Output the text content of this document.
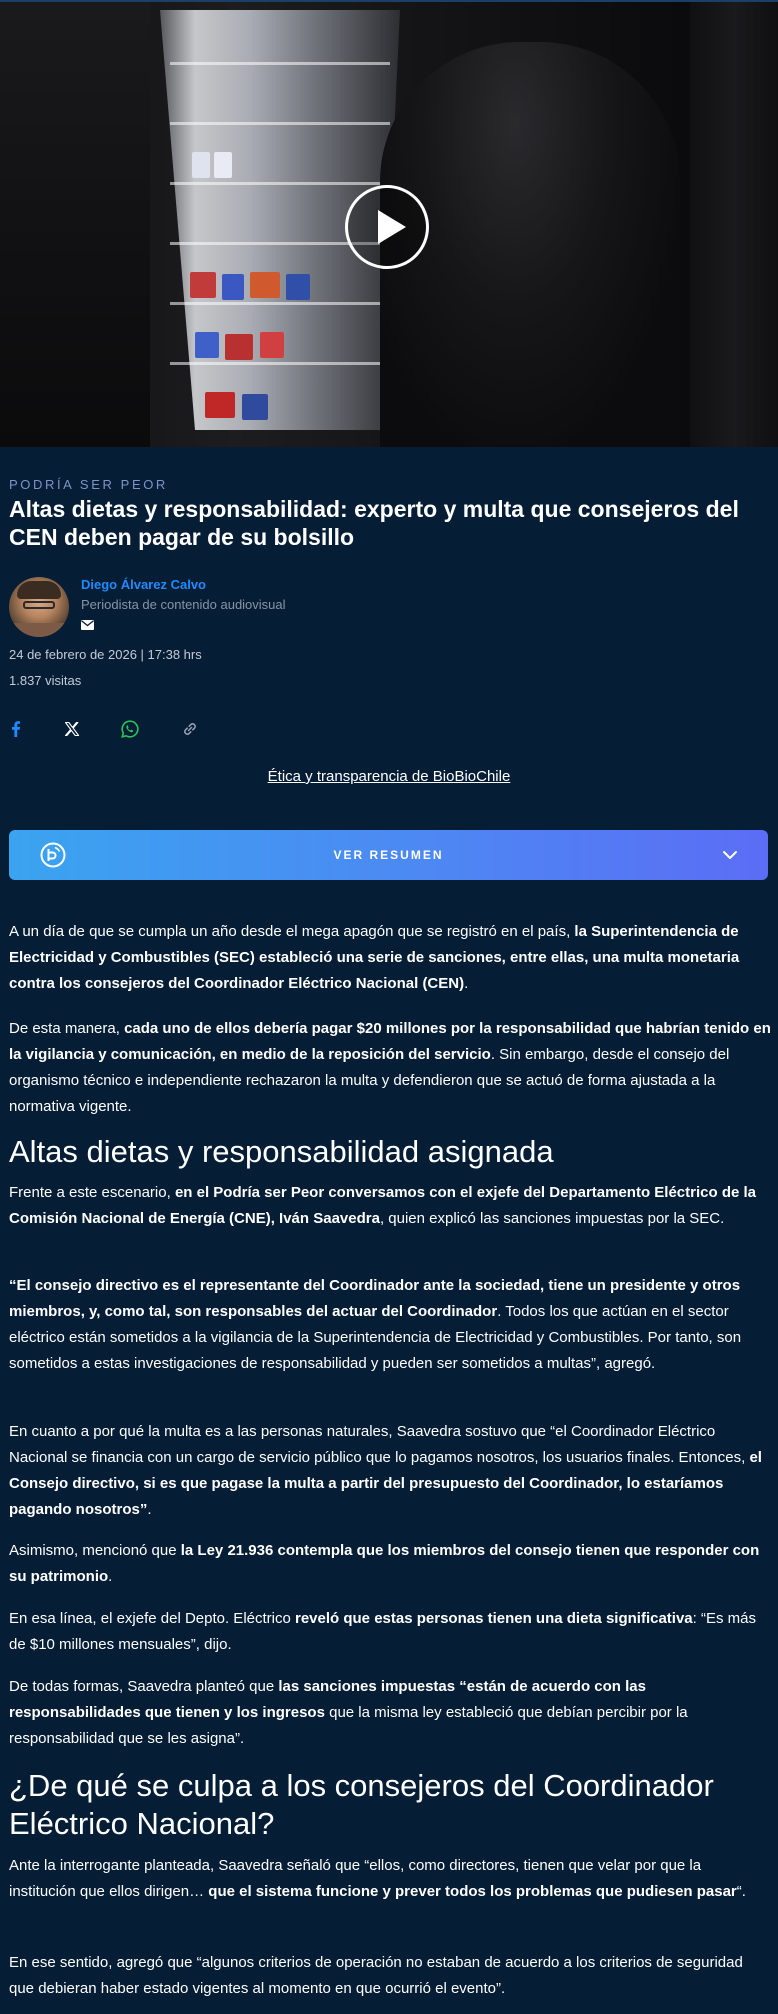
PODRÍA SER PEOR
Altas dietas y responsabilidad: experto y multa que consejeros del CEN deben pagar de su bolsillo
Diego Álvarez Calvo
Periodista de contenido audiovisual
24 de febrero de 2026 | 17:38 hrs
1.837 visitas
Ética y transparencia de BioBioChile
VER RESUMEN

A un día de que se cumpla un año desde el mega apagón que se registró en el país, la Superintendencia de Electricidad y Combustibles (SEC) estableció una serie de sanciones, entre ellas, una multa monetaria contra los consejeros del Coordinador Eléctrico Nacional (CEN).

De esta manera, cada uno de ellos debería pagar $20 millones por la responsabilidad que habrían tenido en la vigilancia y comunicación, en medio de la reposición del servicio. Sin embargo, desde el consejo del organismo técnico e independiente rechazaron la multa y defendieron que se actuó de forma ajustada a la normativa vigente.

Altas dietas y responsabilidad asignada

Frente a este escenario, en el Podría ser Peor conversamos con el exjefe del Departamento Eléctrico de la Comisión Nacional de Energía (CNE), Iván Saavedra, quien explicó las sanciones impuestas por la SEC.

“El consejo directivo es el representante del Coordinador ante la sociedad, tiene un presidente y otros miembros, y, como tal, son responsables del actuar del Coordinador. Todos los que actúan en el sector eléctrico están sometidos a la vigilancia de la Superintendencia de Electricidad y Combustibles. Por tanto, son sometidos a estas investigaciones de responsabilidad y pueden ser sometidos a multas”, agregó.

En cuanto a por qué la multa es a las personas naturales, Saavedra sostuvo que “el Coordinador Eléctrico Nacional se financia con un cargo de servicio público que lo pagamos nosotros, los usuarios finales. Entonces, el Consejo directivo, si es que pagase la multa a partir del presupuesto del Coordinador, lo estaríamos pagando nosotros”.

Asimismo, mencionó que la Ley 21.936 contempla que los miembros del consejo tienen que responder con su patrimonio.

En esa línea, el exjefe del Depto. Eléctrico reveló que estas personas tienen una dieta significativa: “Es más de $10 millones mensuales”, dijo.

De todas formas, Saavedra planteó que las sanciones impuestas “están de acuerdo con las responsabilidades que tienen y los ingresos que la misma ley estableció que debían percibir por la responsabilidad que se les asigna”.

¿De qué se culpa a los consejeros del Coordinador Eléctrico Nacional?

Ante la interrogante planteada, Saavedra señaló que “ellos, como directores, tienen que velar por que la institución que ellos dirigen… que el sistema funcione y prever todos los problemas que pudiesen pasar“.

En ese sentido, agregó que “algunos criterios de operación no estaban de acuerdo a los criterios de seguridad que debieran haber estado vigentes al momento en que ocurrió el evento”.
